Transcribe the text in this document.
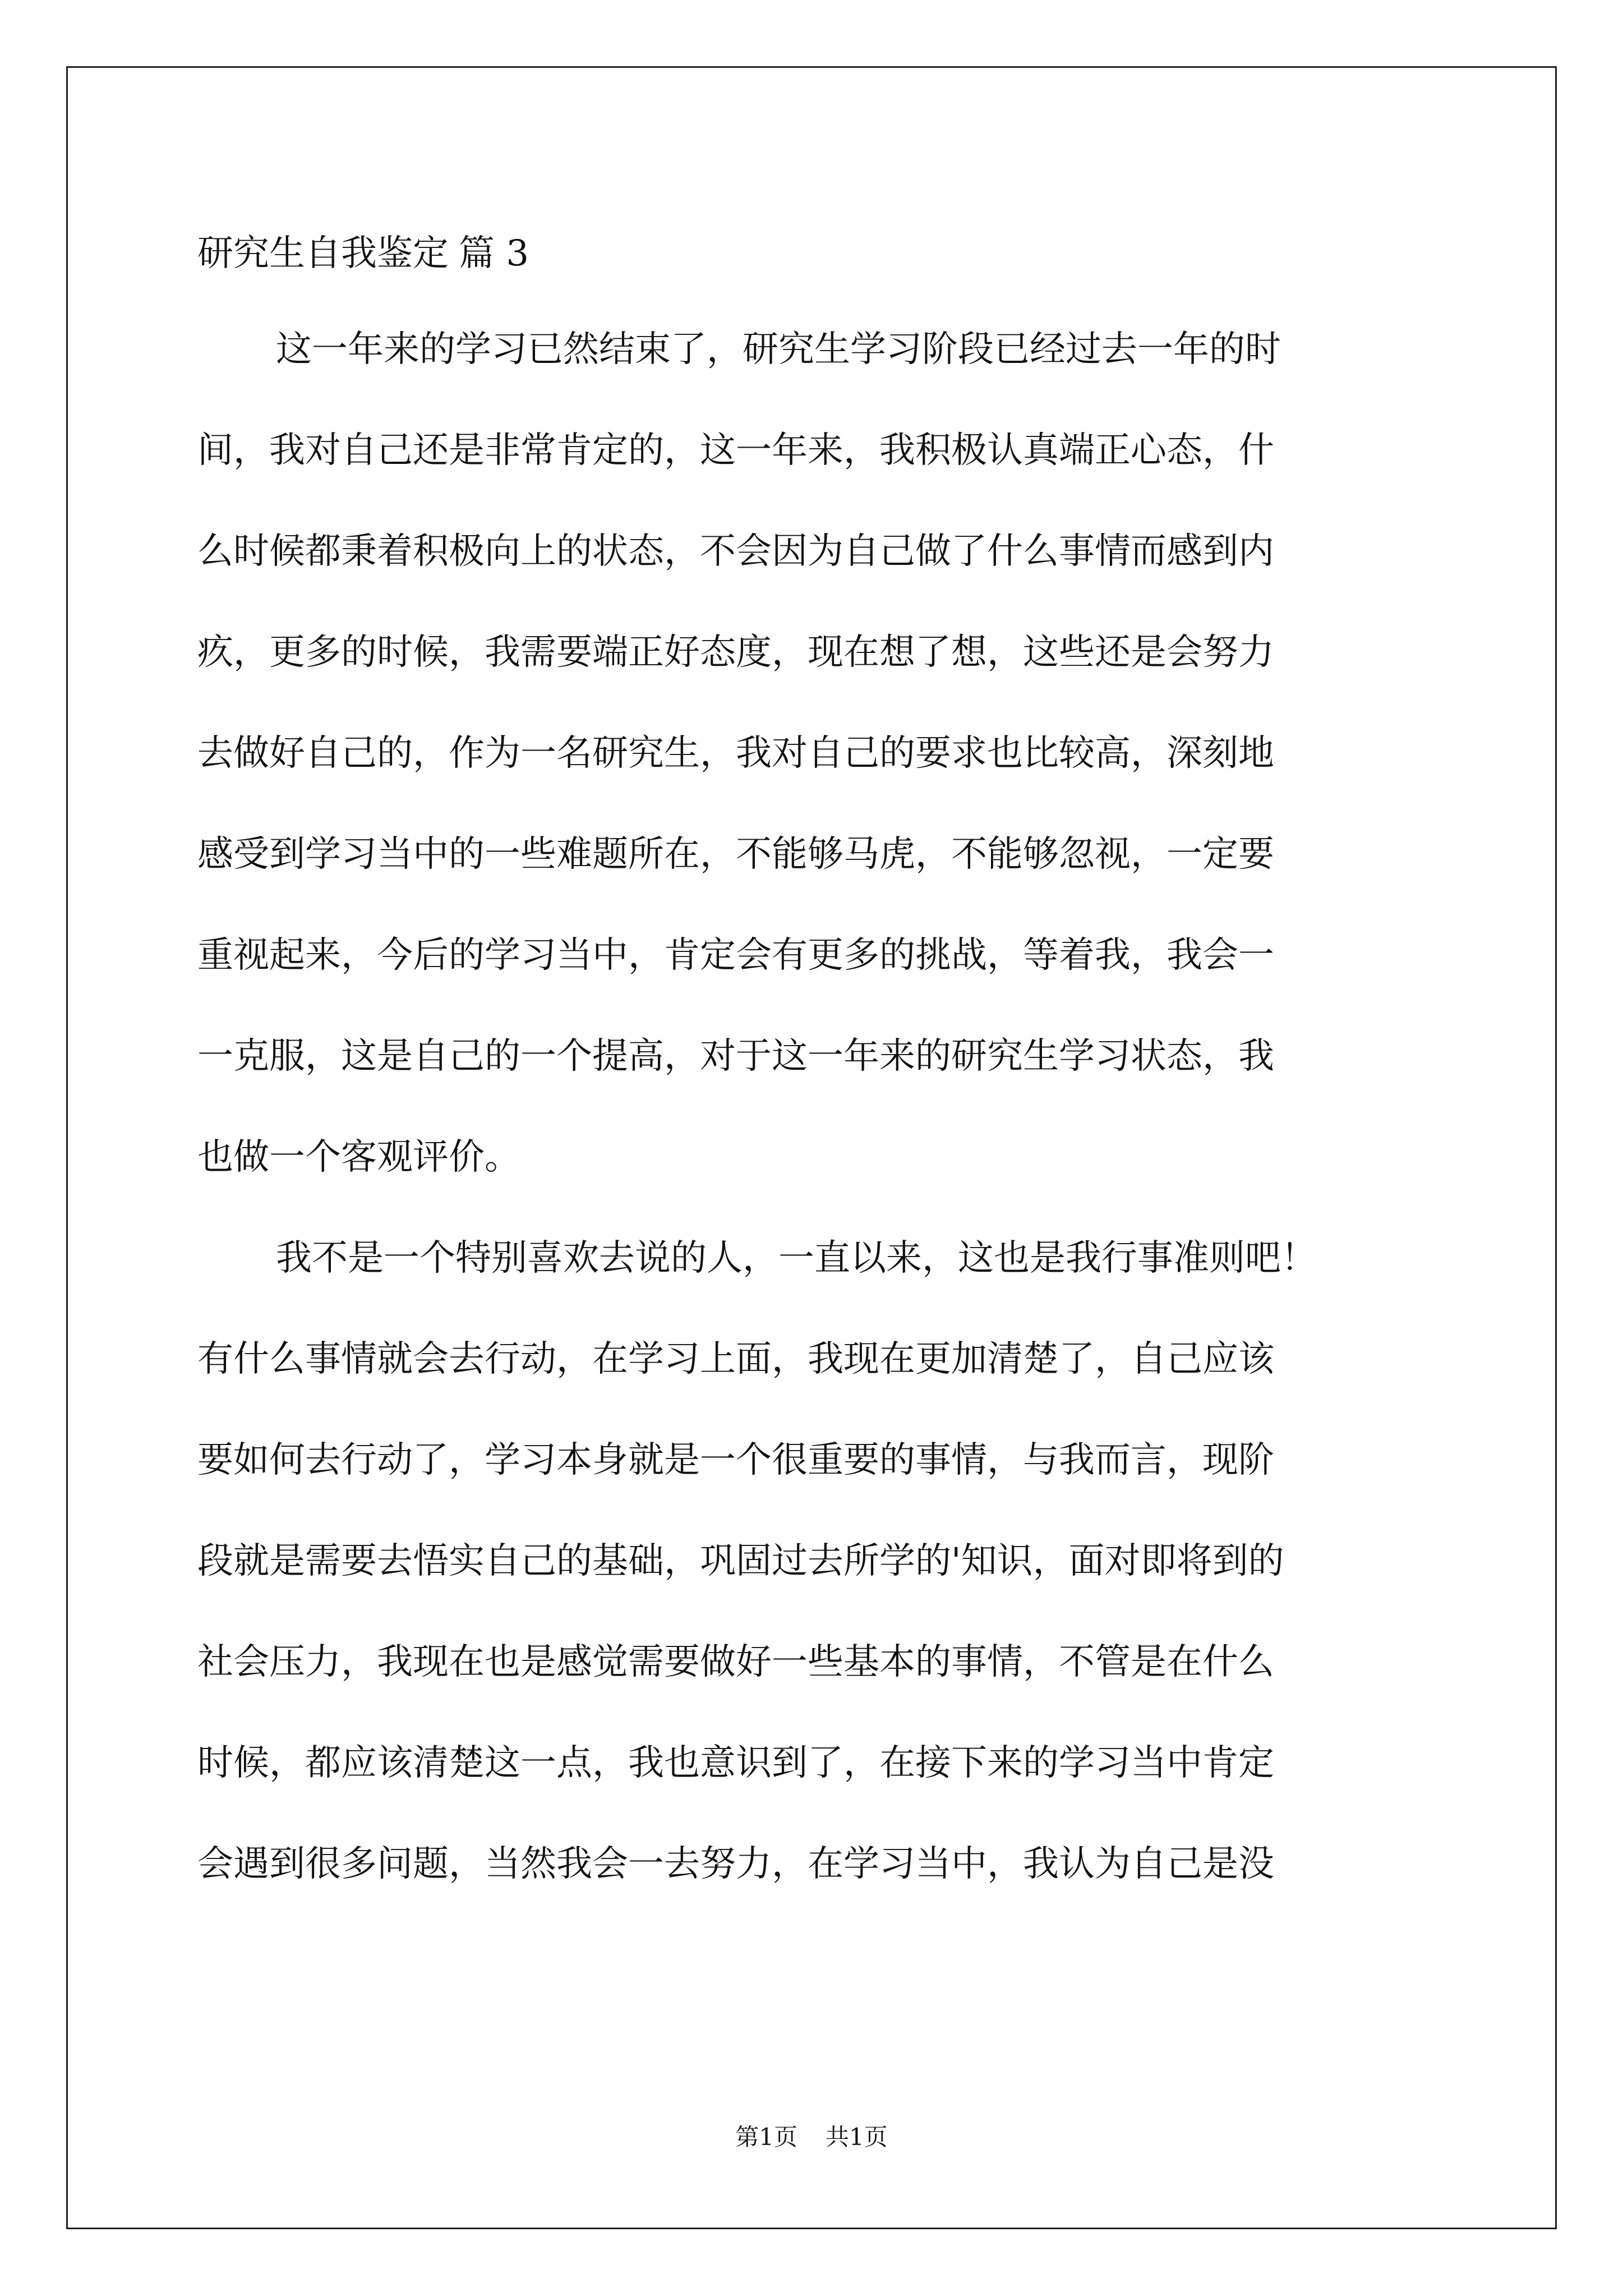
研究生自我鉴定 篇 3
这一年来的学习已然结束了，研究生学习阶段已经过去一年的时
间，我对自己还是非常肯定的，这一年来，我积极认真端正心态，什
么时候都秉着积极向上的状态，不会因为自己做了什么事情而感到内
疚，更多的时候，我需要端正好态度，现在想了想，这些还是会努力
去做好自己的，作为一名研究生，我对自己的要求也比较高，深刻地
感受到学习当中的一些难题所在，不能够马虎，不能够忽视，一定要
重视起来，今后的学习当中，肯定会有更多的挑战，等着我，我会一
一克服，这是自己的一个提高，对于这一年来的研究生学习状态，我
也做一个客观评价。
我不是一个特别喜欢去说的人，一直以来，这也是我行事准则吧！
有什么事情就会去行动，在学习上面，我现在更加清楚了，自己应该
要如何去行动了，学习本身就是一个很重要的事情，与我而言，现阶
段就是需要去悟实自己的基础，巩固过去所学的'知识，面对即将到的
社会压力，我现在也是感觉需要做好一些基本的事情，不管是在什么
时候，都应该清楚这一点，我也意识到了，在接下来的学习当中肯定
会遇到很多问题，当然我会一去努力，在学习当中，我认为自己是没
第1页 共1页
